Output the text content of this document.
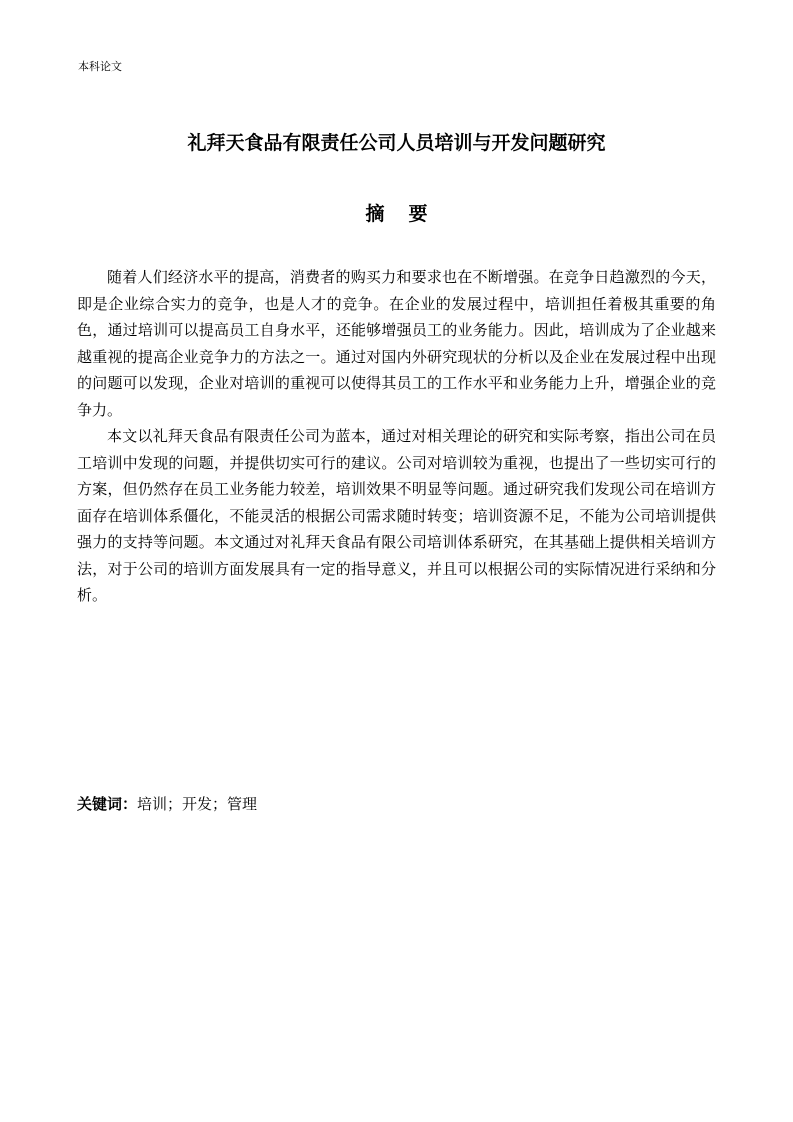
本科论文
礼拜天食品有限责任公司人员培训与开发问题研究
摘要

随着人们经济水平的提高，消费者的购买力和要求也在不断增强。在竞争日趋激烈的今天，即是企业综合实力的竞争，也是人才的竞争。在企业的发展过程中，培训担任着极其重要的角色，通过培训可以提高员工自身水平，还能够增强员工的业务能力。因此，培训成为了企业越来越重视的提高企业竞争力的方法之一。通过对国内外研究现状的分析以及企业在发展过程中出现的问题可以发现，企业对培训的重视可以使得其员工的工作水平和业务能力上升，增强企业的竞争力。

本文以礼拜天食品有限责任公司为蓝本，通过对相关理论的研究和实际考察，指出公司在员工培训中发现的问题，并提供切实可行的建议。公司对培训较为重视，也提出了一些切实可行的方案，但仍然存在员工业务能力较差，培训效果不明显等问题。通过研究我们发现公司在培训方面存在培训体系僵化，不能灵活的根据公司需求随时转变；培训资源不足，不能为公司培训提供强力的支持等问题。本文通过对礼拜天食品有限公司培训体系研究，在其基础上提供相关培训方法，对于公司的培训方面发展具有一定的指导意义，并且可以根据公司的实际情况进行采纳和分析。

关键词：培训；开发；管理
